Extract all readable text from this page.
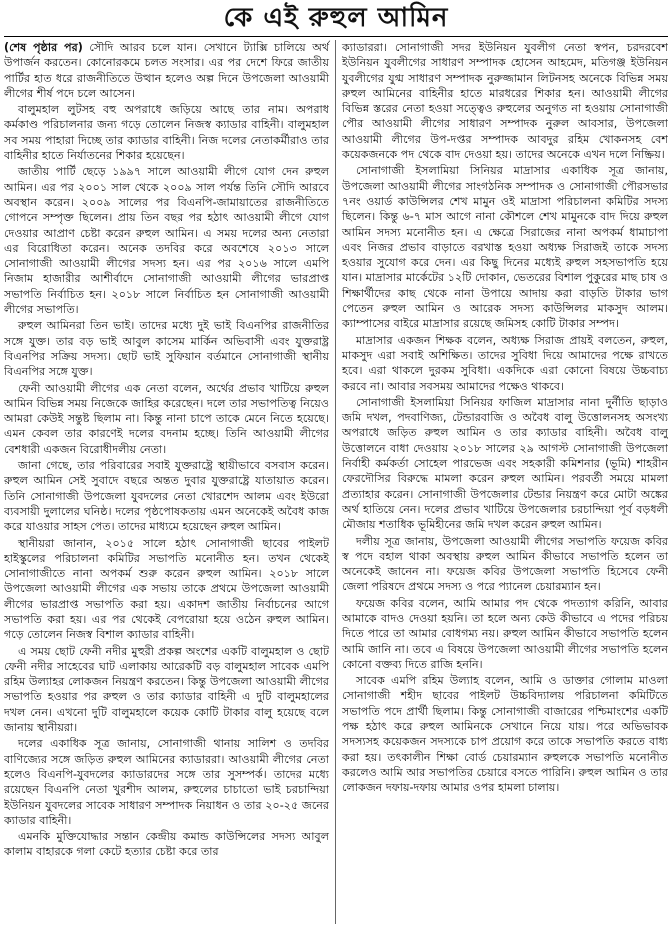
কে এই রুহুল আমিন

(শেষ পৃষ্ঠার পর) সৌদি আরব চলে যান। সেখানে ট্যাক্সি চালিয়ে অর্থ উপার্জন করতেন। কোনোরকমে চলত সংসার। এর পর দেশে ফিরে জাতীয় পার্টির হাত ধরে রাজনীতিতে উত্থান হলেও অল্প দিনে উপজেলা আওয়ামী লীগের শীর্ষ পদে চলে আসেন।

বালুমহাল লুটসহ বহু অপরাধে জড়িয়ে আছে তার নাম। অপরাধ কর্মকাণ্ড পরিচালনার জন্য গড়ে তোলেন নিজস্ব ক্যাডার বাহিনী। বালুমহাল সব সময় পাহারা দিচ্ছে তার ক্যাডার বাহিনী। নিজ দলের নেতাকর্মীরাও তার বাহিনীর হাতে নির্যাতনের শিকার হয়েছেন।

জাতীয় পার্টি ছেড়ে ১৯৯৭ সালে আওয়ামী লীগে যোগ দেন রুহুল আমিন। এর পর ২০০১ সাল থেকে ২০০৯ সাল পর্যন্ত তিনি সৌদি আরবে অবস্থান করেন। ২০০৯ সালের পর বিএনপি-জামায়াতের রাজনীতিতে গোপনে সম্পৃক্ত ছিলেন। প্রায় তিন বছর পর হঠাৎ আওয়ামী লীগে যোগ দেওয়ার আপ্রাণ চেষ্টা করেন রুহুল আমিন। এ সময় দলের অন্য নেতারা এর বিরোধিতা করেন। অনেক তদবির করে অবশেষে ২০১৩ সালে সোনাগাজী আওয়ামী লীগের সদস্য হন। এর পর ২০১৬ সালে এমপি নিজাম হাজারীর আশীর্বাদে সোনাগাজী আওয়ামী লীগের ভারপ্রাপ্ত সভাপতি নির্বাচিত হন। ২০১৮ সালে নির্বাচিত হন সোনাগাজী আওয়ামী লীগের সভাপতি।

রুহুল আমিনরা তিন ভাই। তাদের মধ্যে দুই ভাই বিএনপির রাজনীতির সঙ্গে যুক্ত। তার বড় ভাই আবুল কাসেম মার্কিন অভিবাসী এবং যুক্তরাষ্ট্র বিএনপির সক্রিয় সদস্য। ছোট ভাই সুফিয়ান বর্তমানে সোনাগাজী স্থানীয় বিএনপির সঙ্গে যুক্ত।

ফেনী আওয়ামী লীগের এক নেতা বলেন, অর্থের প্রভাব খাটিয়ে রুহুল আমিন বিভিন্ন সময় নিজেকে জাহির করেছেন। দলে তার সভাপতিত্ব নিয়েও আমরা কেউই সন্তুষ্ট ছিলাম না। কিন্তু নানা চাপে তাকে মেনে নিতে হয়েছে। এমন কেবল তার কারণেই দলের বদনাম হচ্ছে। তিনি আওয়ামী লীগের বেশধারী একজন বিরোধীদলীয় নেতা।

জানা গেছে, তার পরিবারের সবাই যুক্তরাষ্ট্রে স্থায়ীভাবে বসবাস করেন। রুহুল আমিন সেই সুবাদে বছরে অন্তত দুবার যুক্তরাষ্ট্রে যাতায়াত করেন। তিনি সোনাগাজী উপজেলা যুবদলের নেতা খোরশেদ আলম এবং ইউরো ব্যবসায়ী দুলালের ঘনিষ্ঠ। দলের পৃষ্ঠপোষকতায় এমন অনেকেই অবৈধ কাজ করে যাওয়ার সাহস পেত। তাদের মাধ্যমে হয়েছেন রুহুল আমিন।

স্থানীয়রা জানান, ২০১৫ সালে হঠাৎ সোনাগাজী ছাবের পাইলট হাইস্কুলের পরিচালনা কমিটির সভাপতি মনোনীত হন। তখন থেকেই সোনাগাজীতে নানা অপকর্ম শুরু করেন রুহুল আমিন। ২০১৮ সালে উপজেলা আওয়ামী লীগের এক সভায় তাকে প্রথমে উপজেলা আওয়ামী লীগের ভারপ্রাপ্ত সভাপতি করা হয়। একাদশ জাতীয় নির্বাচনের আগে সভাপতি করা হয়। এর পর থেকেই বেপরোয়া হয়ে ওঠেন রুহুল আমিন। গড়ে তোলেন নিজস্ব বিশাল ক্যাডার বাহিনী।

এ সময় ছোট ফেনী নদীর মুহুরী প্রকল্প অংশের একটি বালুমহাল ও ছোট ফেনী নদীর সাহেবের ঘাট এলাকায় আরেকটি বড় বালুমহাল সাবেক এমপি রহিম উল্যাহর লোকজন নিয়ন্ত্রণ করতেন। কিন্তু উপজেলা আওয়ামী লীগের সভাপতি হওয়ার পর রুহুল ও তার ক্যাডার বাহিনী এ দুটি বালুমহালের দখল নেন। এখনো দুটি বালুমহালে কয়েক কোটি টাকার বালু হয়েছে বলে জানায় স্থানীয়রা।

দলের একাধিক সূত্র জানায়, সোনাগাজী থানায় সালিশ ও তদবির বাণিজ্যের সঙ্গে জড়িত রুহুল আমিনের ক্যাডাররা। আওয়ামী লীগের নেতা হলেও বিএনপি-যুবদলের ক্যাডারদের সঙ্গে তার সুসম্পর্ক। তাদের মধ্যে রয়েছেন বিএনপি নেতা খুরশীদ আলম, রুহুলের চাচাতো ভাই চরচান্দিয়া ইউনিয়ন যুবদলের সাবেক সাধারণ সম্পাদক নিয়াধন ও তার ২০-২৫ জনের ক্যাডার বাহিনী।

এমনকি মুক্তিযোদ্ধার সন্তান কেন্দ্রীয় কমান্ড কাউন্সিলের সদস্য আবুল কালাম বাহারকে গলা কেটে হত্যার চেষ্টা করে তার

ক্যাডাররা। সোনাগাজী সদর ইউনিয়ন যুবলীগ নেতা স্বপন, চরদরবেশ ইউনিয়ন যুবলীগের সাধারণ সম্পাদক হোসেন আহমেদ, মতিগঞ্জ ইউনিয়ন যুবলীগের যুগ্ম সাধারণ সম্পাদক নুরুজ্জামান লিটনসহ অনেকে বিভিন্ন সময় রুহুল আমিনের বাহিনীর হাতে মারধরের শিকার হন। আওয়ামী লীগের বিভিন্ন স্তরের নেতা হওয়া সত্ত্বেও রুহুলের অনুগত না হওয়ায় সোনাগাজী পৌর আওয়ামী লীগের সাধারণ সম্পাদক নুরুল আবসার, উপজেলা আওয়ামী লীগের উপ-দপ্তর সম্পাদক আবদুর রহিম খোকনসহ বেশ কয়েকজনকে পদ থেকে বাদ দেওয়া হয়। তাদের অনেকে এখন দলে নিষ্ক্রিয়।

সোনাগাজী ইসলামিয়া সিনিয়র মাদ্রাসার একাধিক সূত্র জানায়, উপজেলা আওয়ামী লীগের সাংগঠনিক সম্পাদক ও সোনাগাজী পৌরসভার ৭নং ওয়ার্ড কাউন্সিলর শেখ মামুন ওই মাদ্রাসা পরিচালনা কমিটির সদস্য ছিলেন। কিন্তু ৬-৭ মাস আগে নানা কৌশলে শেখ মামুনকে বাদ দিয়ে রুহুল আমিন সদস্য মনোনীত হন। এ ক্ষেত্রে সিরাজের নানা অপকর্ম ধামাচাপা এবং নিজর প্রভাব বাড়াতে বরখাস্ত হওয়া অধ্যক্ষ সিরাজই তাকে সদস্য হওয়ার সুযোগ করে দেন। এর কিছু দিনের মধ্যেই রুহুল সহসভাপতি হয়ে যান। মাদ্রাসার মার্কেটের ১২টি দোকান, ভেতরের বিশাল পুকুরের মাছ চাষ ও শিক্ষার্থীদের কাছ থেকে নানা উপায়ে আদায় করা বাড়তি টাকার ভাগ পেতেন রুহুল আমিন ও আরেক সদস্য কাউন্সিলর মাকসুদ আলম। ক্যাম্পাসের বাইরে মাদ্রাসার রয়েছে জমিসহ কোটি টাকার সম্পদ।

মাদ্রাসার একজন শিক্ষক বলেন, অধ্যক্ষ সিরাজ প্রায়ই বলতেন, রুহুল, মাকসুদ এরা সবাই অশিক্ষিত। তাদের সুবিধা দিয়ে আমাদের পক্ষে রাখতে হবে। এরা থাকলে দুরকম সুবিধা। একদিকে এরা কোনো বিষয়ে উচ্চবাচ্য করবে না। আবার সবসময় আমাদের পক্ষেও থাকবে।

সোনাগাজী ইসলামিয়া সিনিয়র ফাজিল মাদ্রাসার নানা দুর্নীতি ছাড়াও জমি দখল, পদবাণিজ্য, টেন্ডারবাজি ও অবৈধ বালু উত্তোলনসহ অসংখ্য অপরাধে জড়িত রুহুল আমিন ও তার ক্যাডার বাহিনী। অবৈধ বালু উত্তোলনে বাধা দেওয়ায় ২০১৮ সালের ২৯ আগস্ট সোনাগাজী উপজেলা নির্বাহী কর্মকর্তা সোহেল পারভেজ এবং সহকারী কমিশনার (ভূমি) শাহরীন ফেরদৌসির বিরুদ্ধে মামলা করেন রুহুল আমিন। পরবর্তী সময়ে মামলা প্রত্যাহার করেন। সোনাগাজী উপজেলার টেন্ডার নিয়ন্ত্রণ করে মোটা অঙ্কের অর্থ হাতিয়ে নেন। দলের প্রভাব খাটিয়ে উপজেলার চরচান্দিয়া পূর্ব বড়ধলী মৌজায় শতাধিক ভূমিহীনের জমি দখল করেন রুহুল আমিন।

দলীয় সূত্র জানায়, উপজেলা আওয়ামী লীগের সভাপতি ফয়েজ কবির স্ব পদে বহাল থাকা অবস্থায় রুহুল আমিন কীভাবে সভাপতি হলেন তা অনেকেই জানেন না। ফয়েজ কবির উপজেলা সভাপতি হিসেবে ফেনী জেলা পরিষদে প্রথমে সদস্য ও পরে প্যানেল চেয়ারম্যান হন।

ফয়েজ কবির বলেন, আমি আমার পদ থেকে পদত্যাগ করিনি, আবার আমাকে বাদও দেওয়া হয়নি। তা হলে অন্য কেউ কীভাবে এ পদের পরিচয় দিতে পারে তা আমার বোধগম্য নয়। রুহুল আমিন কীভাবে সভাপতি হলেন আমি জানি না। তবে এ বিষয়ে উপজেলা আওয়ামী লীগের সভাপতি হলেন কোনো বক্তব্য দিতে রাজি হননি।

সাবেক এমপি রহিম উল্যাহ বলেন, আমি ও ডাক্তার গোলাম মাওলা সোনাগাজী শহীদ ছাবের পাইলট উচ্চবিদ্যালয় পরিচালনা কমিটিতে সভাপতি পদে প্রার্থী ছিলাম। কিন্তু সোনাগাজী বাজারের পশ্চিমাংশের একটি পক্ষ হঠাৎ করে রুহুল আমিনকে সেখানে নিয়ে যায়। পরে অভিভাবক সদস্যসহ কয়েকজন সদস্যকে চাপ প্রয়োগ করে তাকে সভাপতি করতে বাধ্য করা হয়। তৎকালীন শিক্ষা বোর্ড চেয়ারম্যান রুহুলকে সভাপতি মনোনীত করলেও আমি আর সভাপতির চেয়ারে বসতে পারিনি। রুহুল আমিন ও তার লোকজন দফায়-দফায় আমার ওপর হামলা চালায়।
